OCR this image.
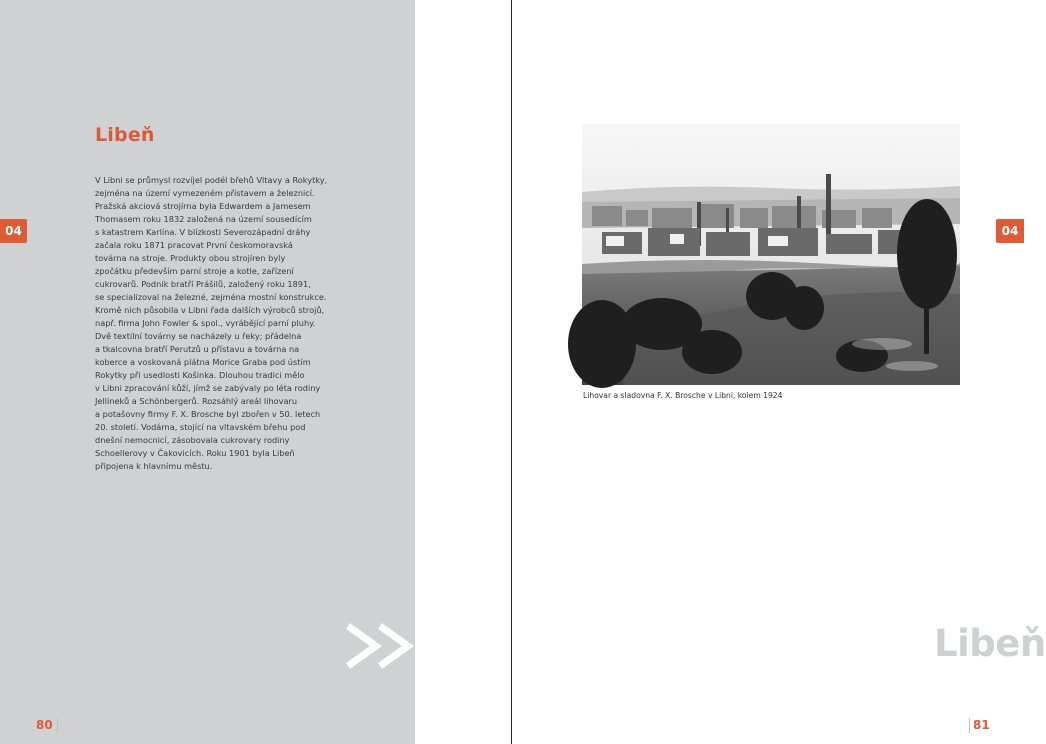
Libeň
V Libni se průmysl rozvíjel podél břehů Vltavy a Rokytky,
zejména na území vymezeném přístavem a železnicí.
Pražská akciová strojírna byla Edwardem a Jamesem
Thomasem roku 1832 založená na území sousedícím
s katastrem Karlína. V blízkosti Severozápadní dráhy
začala roku 1871 pracovat První českomoravská
továrna na stroje. Produkty obou strojíren byly
zpočátku především parní stroje a kotle, zařízení
cukrovarů. Podnik bratří Prášilů, založený roku 1891,
se specializoval na železné, zejména mostní konstrukce.
Kromě nich působila v Libni řada dalších výrobců strojů,
např. firma John Fowler & spol., vyrábějící parní pluhy.
Dvě textilní továrny se nacházely u řeky; přádelna
a tkalcovna bratří Perutzů u přístavu a továrna na
koberce a voskovaná plátna Morice Graba pod ústím
Rokytky při usedlosti Košinka. Dlouhou tradici mělo
v Libni zpracování kůží, jímž se zabývaly po léta rodiny
Jellineků a Schönbergerů. Rozsáhlý areál lihovaru
a potašovny firmy F. X. Brosche byl zbořen v 50. letech
20. století. Vodárna, stojící na vltavském břehu pod
dnešní nemocnicí, zásobovala cukrovary rodiny
Schoellerovy v Čakovicích. Roku 1901 byla Libeň
připojena k hlavnímu městu.
04	04
Lihovar a sladovna F. X. Brosche v Libni, kolem 1924
Libeň
80	81
